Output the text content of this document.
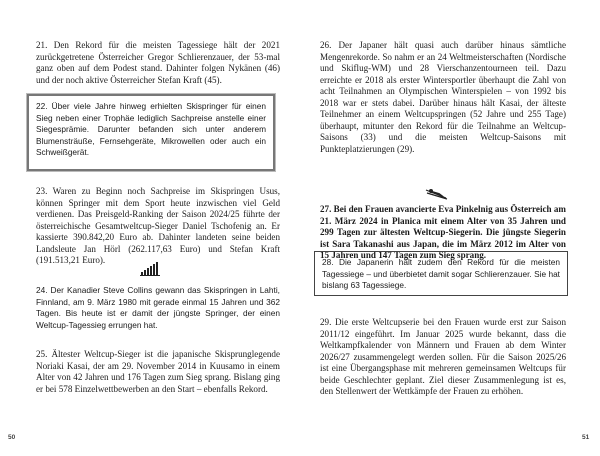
21. Den Rekord für die meisten Tagessiege hält der 2021 zurückgetretene Österreicher Gregor Schlierenzauer, der 53-mal ganz oben auf dem Podest stand. Dahinter folgen Nykänen (46) und der noch aktive Österreicher Stefan Kraft (45).

22. Über viele Jahre hinweg erhielten Skispringer für einen Sieg neben einer Trophäe lediglich Sachpreise anstelle einer Siegesprämie. Darunter befanden sich unter anderem Blumensträuße, Fernsehgeräte, Mikrowellen oder auch ein Schweißgerät.

23. Waren zu Beginn noch Sachpreise im Skispringen Usus, können Springer mit dem Sport heute inzwischen viel Geld verdienen. Das Preisgeld-Ranking der Saison 2024/25 führte der österreichische Gesamtweltcup-Sieger Daniel Tschofenig an. Er kassierte 390.842,20 Euro ab. Dahinter landeten seine beiden Landsleute Jan Hörl (262.117,63 Euro) und Stefan Kraft (191.513,21 Euro).

24. Der Kanadier Steve Collins gewann das Skispringen in Lahti, Finnland, am 9. März 1980 mit gerade einmal 15 Jahren und 362 Tagen. Bis heute ist er damit der jüngste Springer, der einen Weltcup-Tagessieg errungen hat.

25. Ältester Weltcup-Sieger ist die japanische Skisprunglegende Noriaki Kasai, der am 29. November 2014 in Kuusamo in einem Alter von 42 Jahren und 176 Tagen zum Sieg sprang. Bislang ging er bei 578 Einzelwettbewerben an den Start – ebenfalls Rekord.

50

26. Der Japaner hält quasi auch darüber hinaus sämtliche Mengenrekorde. So nahm er an 24 Weltmeisterschaften (Nordische und Skiflug-WM) und 28 Vierschanzentourneen teil. Dazu erreichte er 2018 als erster Wintersportler überhaupt die Zahl von acht Teilnahmen an Olympischen Winterspielen – von 1992 bis 2018 war er stets dabei. Darüber hinaus hält Kasai, der älteste Teilnehmer an einem Weltcupspringen (52 Jahre und 255 Tage) überhaupt, mitunter den Rekord für die Teilnahme an Weltcup-Saisons (33) und die meisten Weltcup-Saisons mit Punkteplatzierungen (29).

27. Bei den Frauen avancierte Eva Pinkelnig aus Österreich am 21. März 2024 in Planica mit einem Alter von 35 Jahren und 299 Tagen zur ältesten Weltcup-Siegerin. Die jüngste Siegerin ist Sara Takanashi aus Japan, die im März 2012 im Alter von 15 Jahren und 147 Tagen zum Sieg sprang.

28. Die Japanerin hält zudem den Rekord für die meisten Tagessiege – und überbietet damit sogar Schlierenzauer. Sie hat bislang 63 Tagessiege.

29. Die erste Weltcupserie bei den Frauen wurde erst zur Saison 2011/12 eingeführt. Im Januar 2025 wurde bekannt, dass die Weltkampfkalender von Männern und Frauen ab dem Winter 2026/27 zusammengelegt werden sollen. Für die Saison 2025/26 ist eine Übergangsphase mit mehreren gemeinsamen Weltcups für beide Geschlechter geplant. Ziel dieser Zusammenlegung ist es, den Stellenwert der Wettkämpfe der Frauen zu erhöhen.

51
